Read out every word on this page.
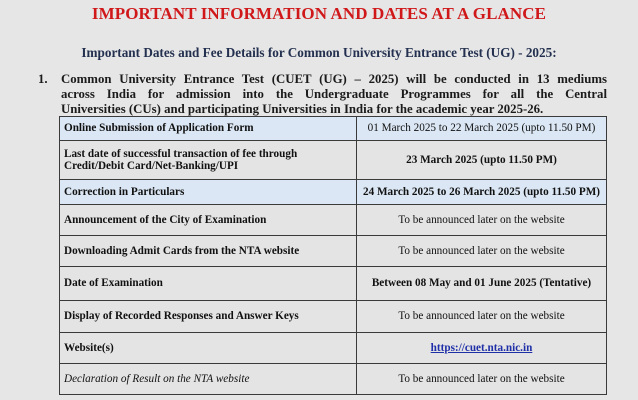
IMPORTANT INFORMATION AND DATES AT A GLANCE
Important Dates and Fee Details for Common University Entrance Test (UG) - 2025:
1. Common University Entrance Test (CUET (UG) – 2025) will be conducted in 13 mediums
across India for admission into the Undergraduate Programmes for all the Central
Universities (CUs) and participating Universities in India for the academic year 2025-26.
Online Submission of Application Form	01 March 2025 to 22 March 2025 (upto 11.50 PM)
Last date of successful transaction of fee through Credit/Debit Card/Net-Banking/UPI	23 March 2025 (upto 11.50 PM)
Correction in Particulars	24 March 2025 to 26 March 2025 (upto 11.50 PM)
Announcement of the City of Examination	To be announced later on the website
Downloading Admit Cards from the NTA website	To be announced later on the website
Date of Examination	Between 08 May and 01 June 2025 (Tentative)
Display of Recorded Responses and Answer Keys	To be announced later on the website
Website(s)	https://cuet.nta.nic.in
Declaration of Result on the NTA website	To be announced later on the website
